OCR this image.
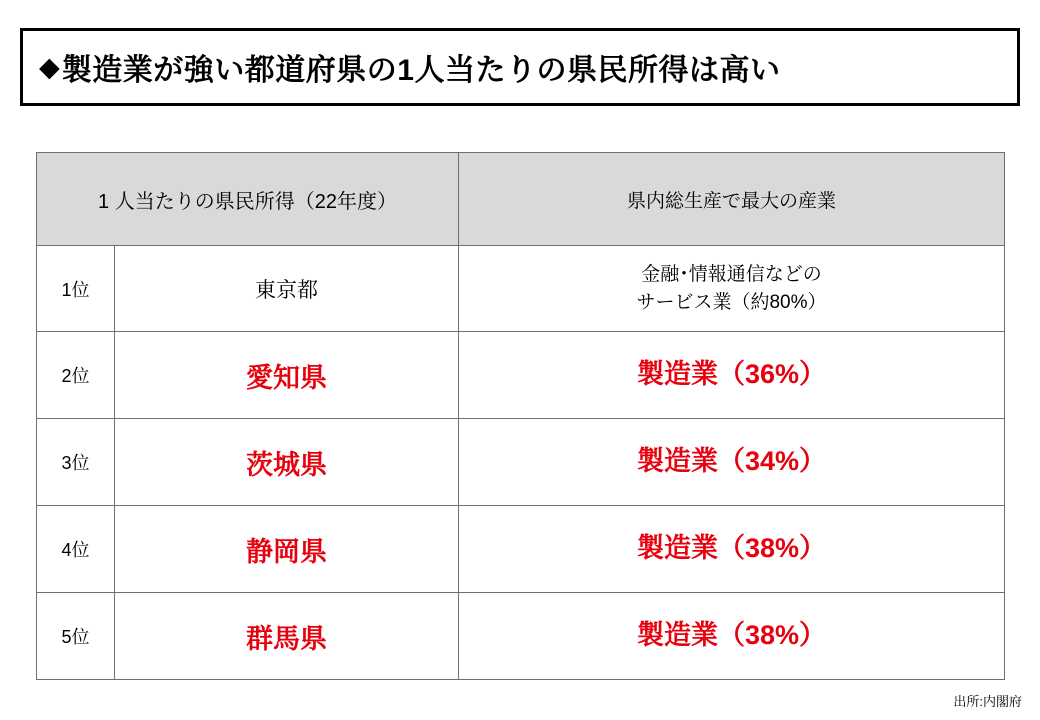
◆ 製造業が強い都道府県の1人当たりの県民所得は高い
1 人当たりの県民所得（22年度）		県内総生産で最大の産業
1位	東京都	金融･情報通信などの
サービス業（約80%）
2位	愛知県	製造業（36%）
3位	茨城県	製造業（34%）
4位	静岡県	製造業（38%）
5位	群馬県	製造業（38%）
出所:内閣府
